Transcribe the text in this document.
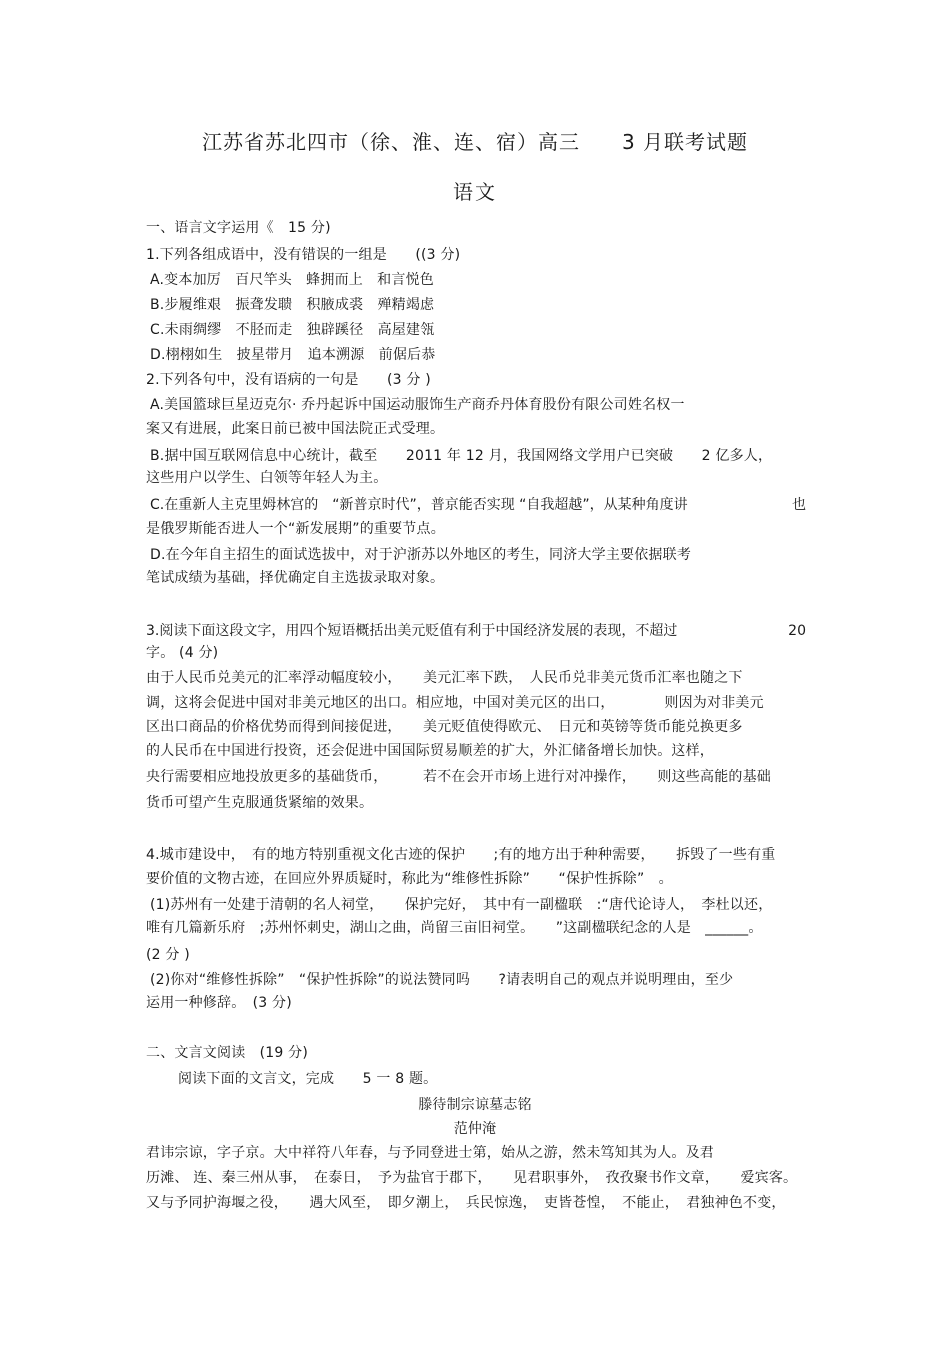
江苏省苏北四市（徐、淮、连、宿）高三　　3 月联考试题
语文
一、语言文字运用《　15 分)
1.下列各组成语中，没有错误的一组是　　((3 分)
A.变本加厉　百尺竿头　蜂拥而上　和言悦色
B.步履维艰　振聋发聩　积腋成裘　殚精竭虑
C.未雨绸缪　不胫而走　独辟蹊径　高屋建瓴
D.栩栩如生　披星带月　追本溯源　前倨后恭
2.下列各句中，没有语病的一句是　　(3 分 )
A.美国篮球巨星迈克尔· 乔丹起诉中国运动服饰生产商乔丹体育股份有限公司姓名权一
案又有进展，此案日前已被中国法院正式受理。
B.据中国互联网信息中心统计，截至　　2011 年 12 月，我国网络文学用户已突破　　2 亿多人，
这些用户以学生、白领等年轻人为主。
C.在重新人主克里姆林宫的　“新普京时代”，普京能否实现 “自我超越”，从某种角度讲	也
是俄罗斯能否进人一个“新发展期”的重要节点。
D.在今年自主招生的面试选拔中，对于沪浙苏以外地区的考生，同济大学主要依据联考
笔试成绩为基础，择优确定自主选拔录取对象。
3.阅读下面这段文字，用四个短语概括出美元贬值有利于中国经济发展的表现，不超过	20
字。 (4 分)
由于人民币兑美元的汇率浮动幅度较小，　　美元汇率下跌，　人民币兑非美元货币汇率也随之下
调，这将会促进中国对非美元地区的出口。相应地，中国对美元区的出口，　　　　则因为对非美元
区出口商品的价格优势而得到间接促进，　　美元贬值使得欧元、　日元和英镑等货币能兑换更多
的人民币在中国进行投资，还会促进中国国际贸易顺差的扩大，外汇储备增长加快。这样，
央行需要相应地投放更多的基础货币，　　　若不在会开市场上进行对冲操作，　　则这些高能的基础
货币可望产生克服通货紧缩的效果。
4.城市建设中，　有的地方特别重视文化古迹的保护　　;有的地方出于种种需要，　　拆毁了一些有重
要价值的文物古迹，在回应外界质疑时，称此为“维修性拆除”　　“保护性拆除”　。
(1)苏州有一处建于清朝的名人祠堂，　　保护完好，　其中有一副楹联　:“唐代论诗人，　李杜以还，
唯有几篇新乐府　;苏州怀刺史，湖山之曲，尚留三亩旧祠堂。　　”这副楹联纪念的人是　______。
(2 分 )
(2)你对“维修性拆除”　“保护性拆除”的说法赞同吗　　?请表明自己的观点并说明理由，至少
运用一种修辞。　(3 分)
二、文言文阅读　(19 分)
阅读下面的文言文，完成　　5 一 8 题。
滕待制宗谅墓志铭
范仲淹
君讳宗谅，字子京。大中祥符八年春，与予同登进士第，始从之游，然未笃知其为人。及君
历滩、 连、秦三州从事，　在泰日，　予为盐官于郡下，　　见君职事外，　孜孜聚书作文章，　　爱宾客。
又与予同护海堰之役，　　遇大风至，　即夕潮上，　兵民惊逸，　吏皆苍惶，　不能止，　君独神色不变，
